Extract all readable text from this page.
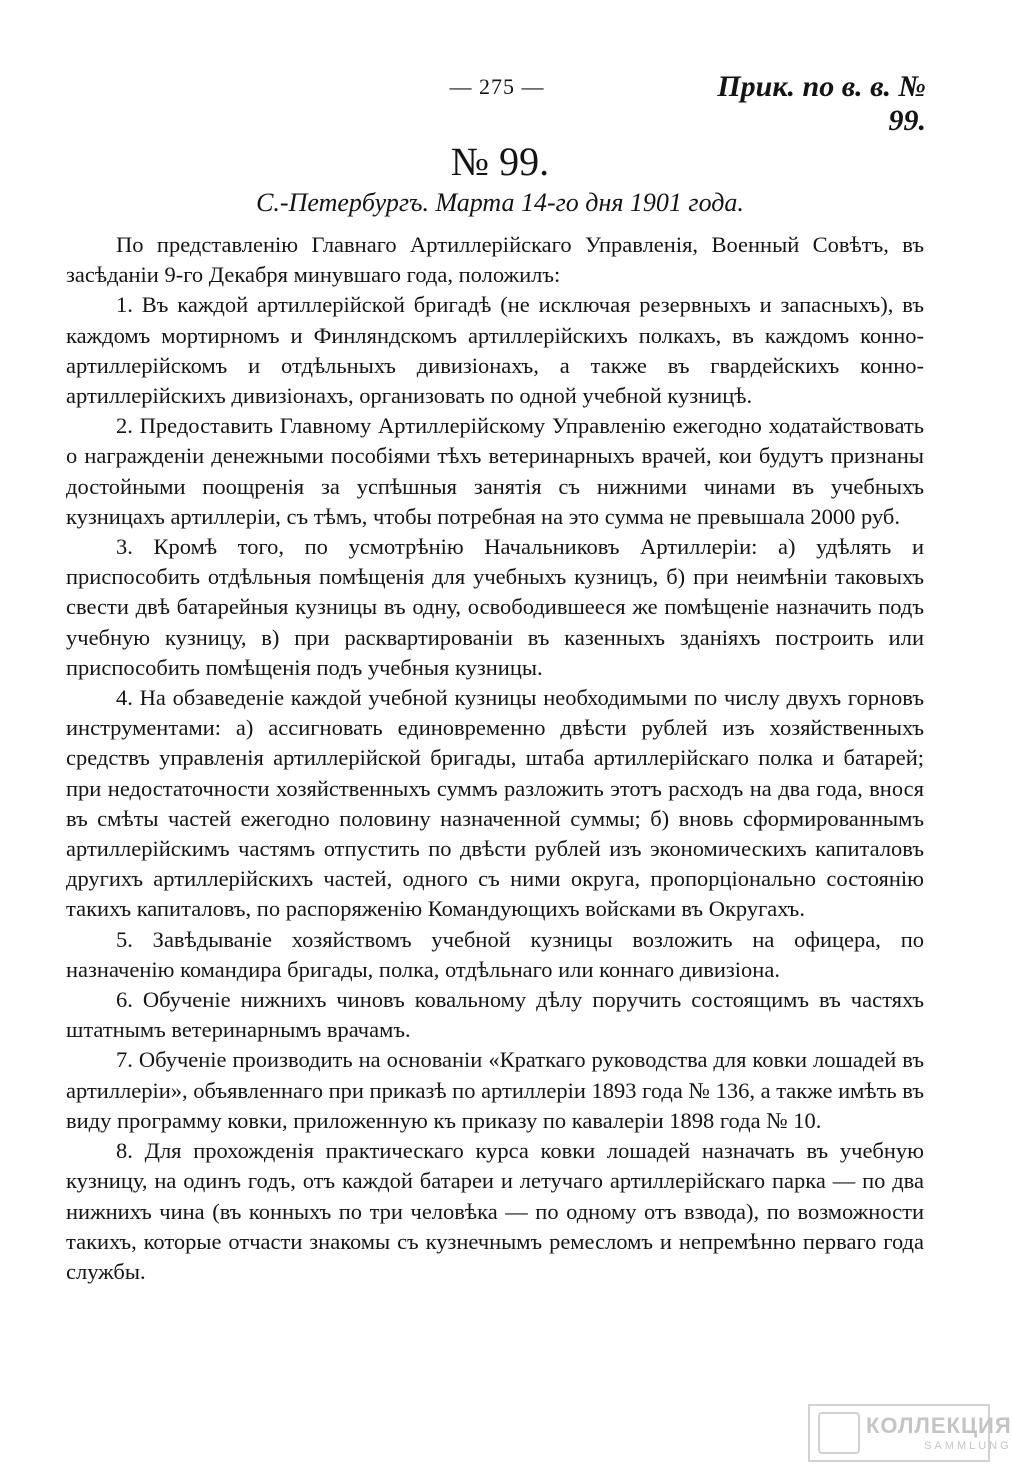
— 275 —	Прик. по в. в. № 99.
№ 99.
С.-Петербургъ. Марта 14-го дня 1901 года.

По представленію Главнаго Артиллерійскаго Управленія, Военный Совѣтъ, въ засѣданіи 9-го Декабря минувшаго года, положилъ:

1. Въ каждой артиллерійской бригадѣ (не исключая резервныхъ и запасныхъ), въ каждомъ мортирномъ и Финляндскомъ артиллерійскихъ полкахъ, въ каждомъ конно-артиллерійскомъ и отдѣльныхъ дивизіонахъ, а также въ гвардейскихъ конно-артиллерійскихъ дивизіонахъ, организовать по одной учебной кузницѣ.

2. Предоставить Главному Артиллерійскому Управленію ежегодно ходатайствовать о награжденіи денежными пособіями тѣхъ ветеринарныхъ врачей, кои будутъ признаны достойными поощренія за успѣшныя занятія съ нижними чинами въ учебныхъ кузницахъ артиллеріи, съ тѣмъ, чтобы потребная на это сумма не превышала 2000 руб.

3. Кромѣ того, по усмотрѣнію Начальниковъ Артиллеріи: а) удѣлять и приспособить отдѣльныя помѣщенія для учебныхъ кузницъ, б) при неимѣніи таковыхъ свести двѣ батарейныя кузницы въ одну, освободившееся же помѣщеніе назначить подъ учебную кузницу, в) при расквартированіи въ казенныхъ зданіяхъ построить или приспособить помѣщенія подъ учебныя кузницы.

4. На обзаведеніе каждой учебной кузницы необходимыми по числу двухъ горновъ инструментами: а) ассигновать единовременно двѣсти рублей изъ хозяйственныхъ средствъ управленія артиллерійской бригады, штаба артиллерійскаго полка и батарей; при недостаточности хозяйственныхъ суммъ разложить этотъ расходъ на два года, внося въ смѣты частей ежегодно половину назначенной суммы; б) вновь сформированнымъ артиллерійскимъ частямъ отпустить по двѣсти рублей изъ экономическихъ капиталовъ другихъ артиллерійскихъ частей, одного съ ними округа, пропорціонально состоянію такихъ капиталовъ, по распоряженію Командующихъ войсками въ Округахъ.

5. Завѣдываніе хозяйствомъ учебной кузницы возложить на офицера, по назначенію командира бригады, полка, отдѣльнаго или коннаго дивизіона.

6. Обученіе нижнихъ чиновъ ковальному дѣлу поручить состоящимъ въ частяхъ штатнымъ ветеринарнымъ врачамъ.

7. Обученіе производить на основаніи «Краткаго руководства для ковки лошадей въ артиллеріи», объявленнаго при приказѣ по артиллеріи 1893 года № 136, а также имѣть въ виду программу ковки, приложенную къ приказу по кавалеріи 1898 года № 10.

8. Для прохожденія практическаго курса ковки лошадей назначать въ учебную кузницу, на одинъ годъ, отъ каждой батареи и летучаго артиллерійскаго парка — по два нижнихъ чина (въ конныхъ по три человѣка — по одному отъ взвода), по возможности такихъ, которые отчасти знакомы съ кузнечнымъ ремесломъ и непремѣнно перваго года службы.

КОЛЛЕКЦИЯ
SAMMLUNG
